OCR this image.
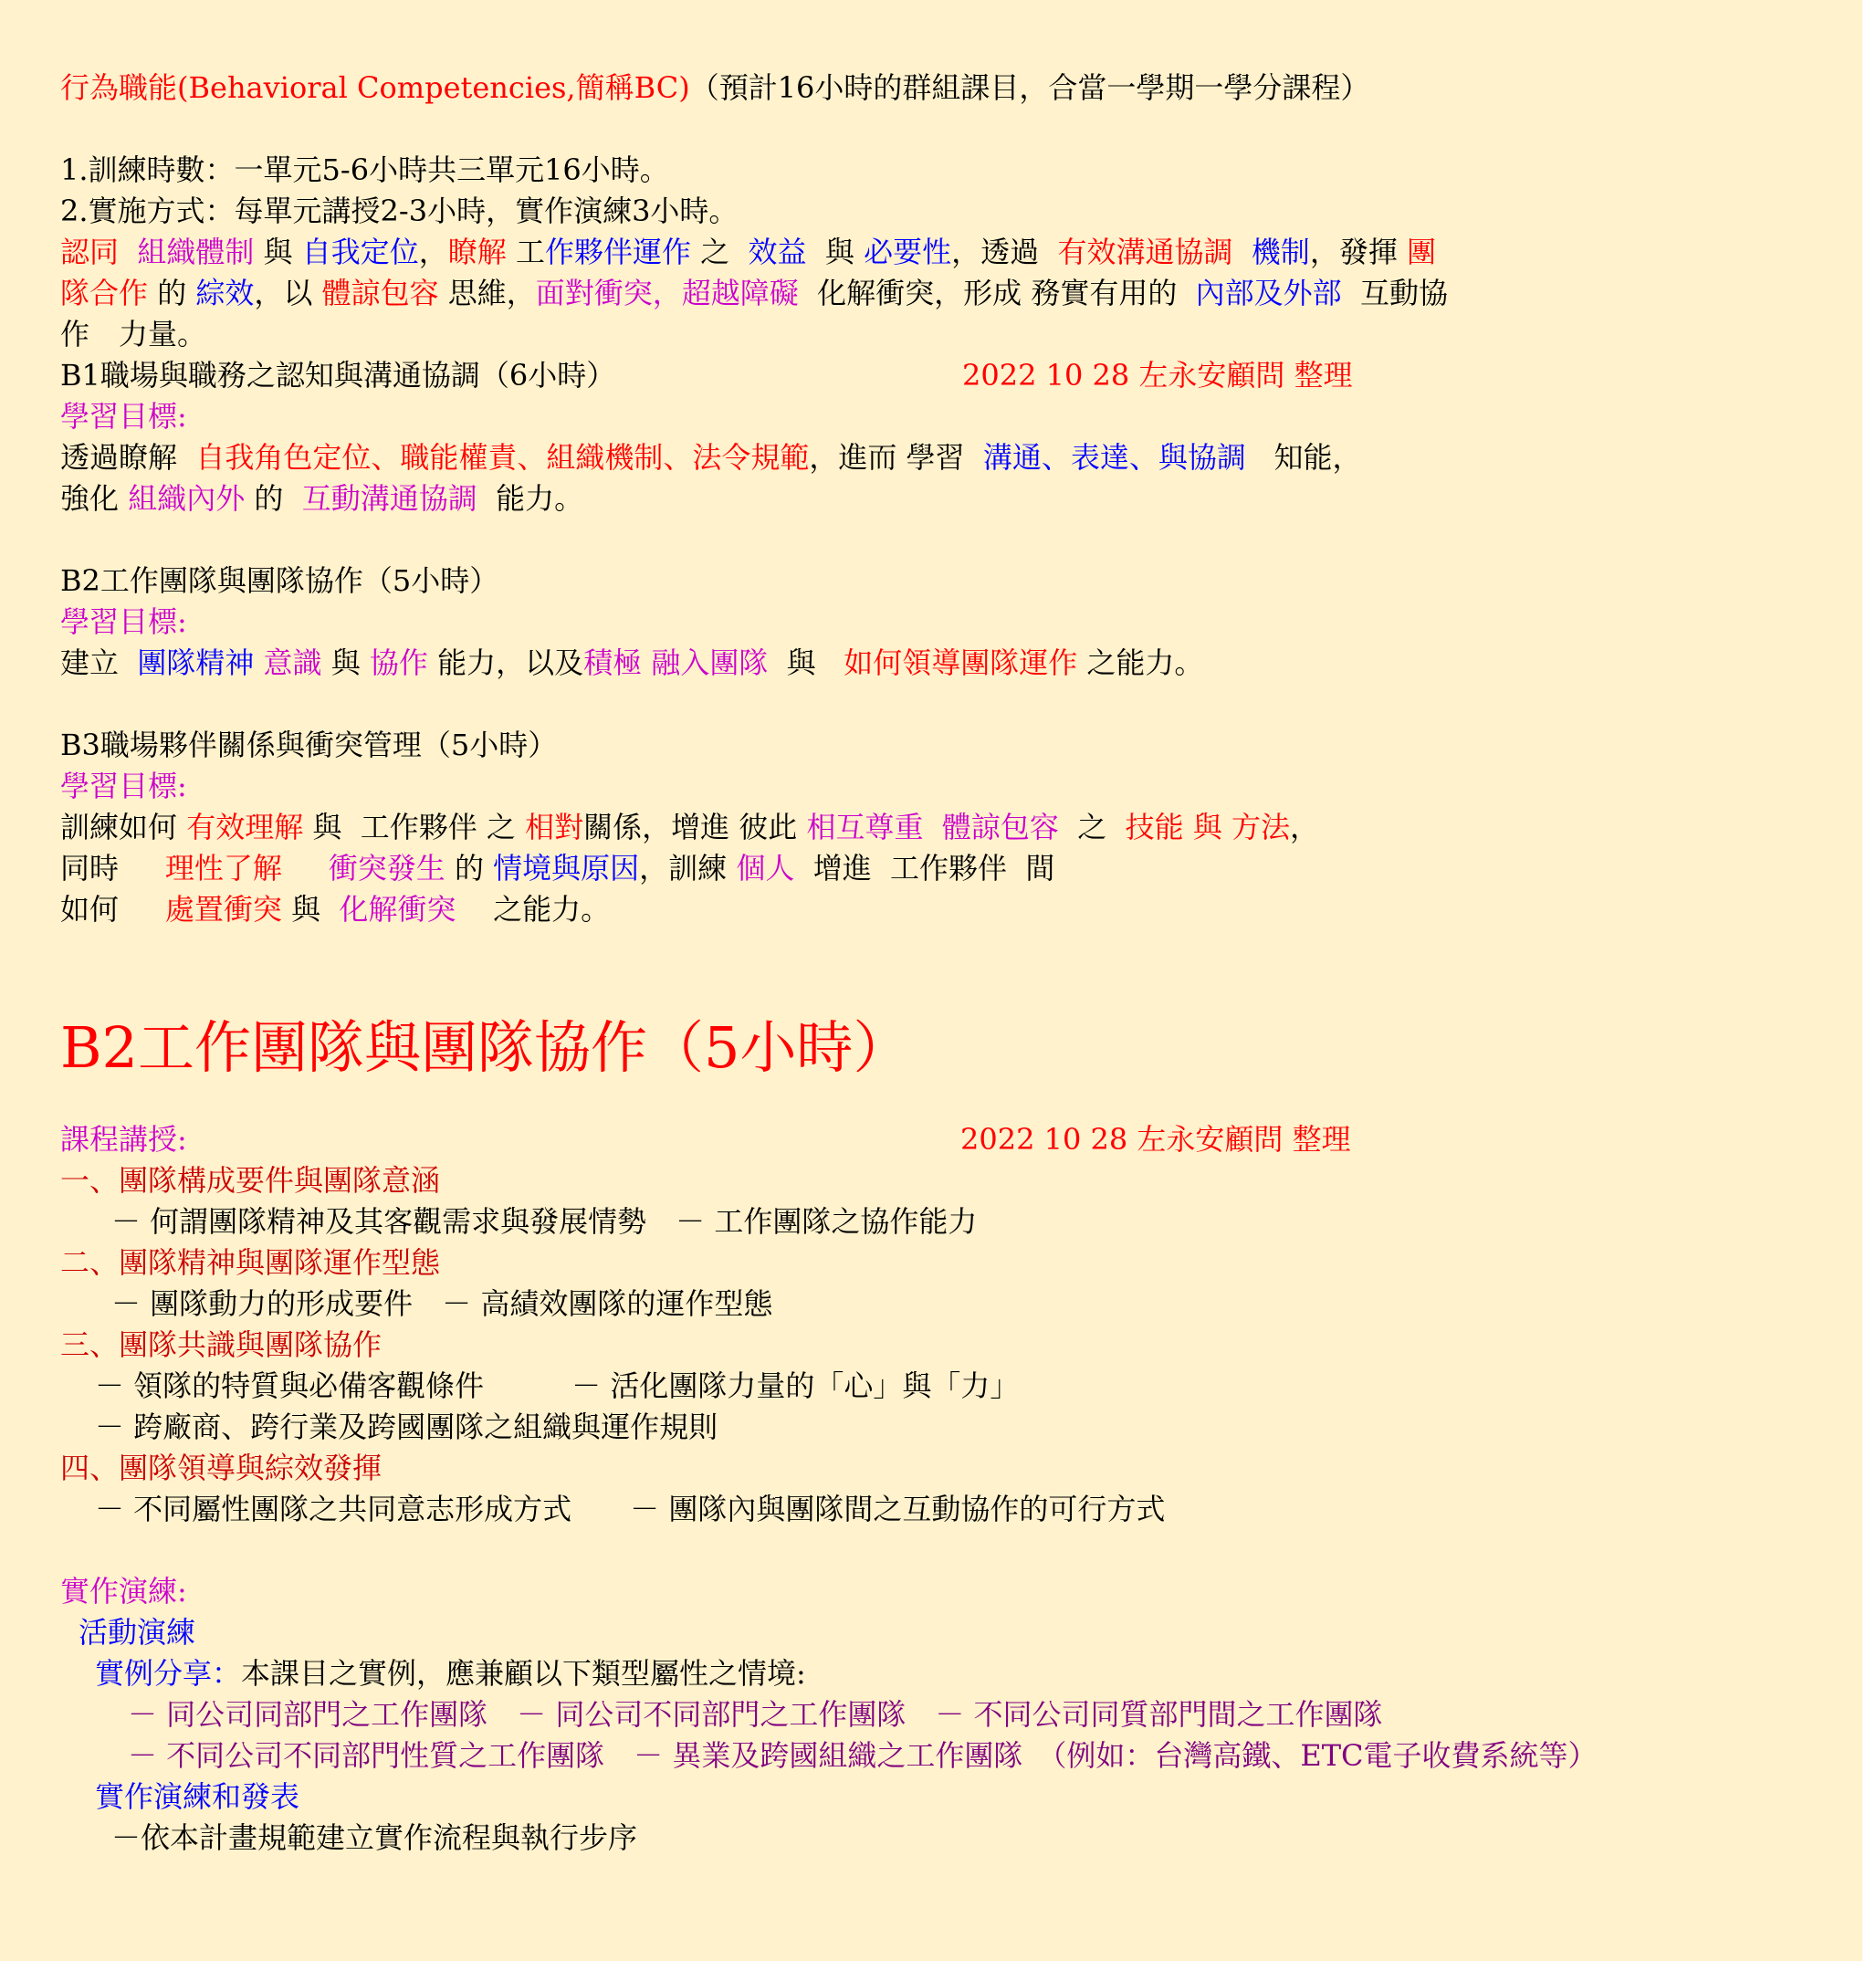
行為職能(Behavioral Competencies,簡稱BC)（預計16小時的群組課目，合當一學期一學分課程）
1.訓練時數：一單元5-6小時共三單元16小時。
2.實施方式：每單元講授2-3小時，實作演練3小時。
認同 組織體制 與 自我定位，瞭解 工作夥伴運作 之 效益 與 必要性，透過 有效溝通協調 機制，發揮 團
隊合作 的 綜效，以 體諒包容 思維，面對衝突，超越障礙 化解衝突，形成 務實有用的 內部及外部 互動協
作　力量。
B1職場與職務之認知與溝通協調（6小時）	2022 10 28 左永安顧問 整理
學習目標:
透過瞭解 自我角色定位、職能權責、組織機制、法令規範，進而 學習 溝通、表達、與協調 知能，
強化 組織內外 的 互動溝通協調 能力。
B2工作團隊與團隊協作（5小時）
學習目標:
建立 團隊精神 意識 與 協作 能力，以及積極 融入團隊 與 如何領導團隊運作 之能力。
B3職場夥伴關係與衝突管理（5小時）
學習目標:
訓練如何 有效理解 與 工作夥伴 之 相對關係，增進 彼此 相互尊重 體諒包容 之 技能 與 方法，
同時 理性了解 衝突發生 的 情境與原因，訓練 個人 增進 工作夥伴 間
如何 處置衝突 與 化解衝突 之能力。
B2工作團隊與團隊協作（5小時）
課程講授:	2022 10 28 左永安顧問 整理
一、團隊構成要件與團隊意涵
－ 何謂團隊精神及其客觀需求與發展情勢　－ 工作團隊之協作能力
二、團隊精神與團隊運作型態
－ 團隊動力的形成要件　－ 高績效團隊的運作型態
三、團隊共識與團隊協作
－ 領隊的特質與必備客觀條件　　　－ 活化團隊力量的「心」與「力」
－ 跨廠商、跨行業及跨國團隊之組織與運作規則
四、團隊領導與綜效發揮
－ 不同屬性團隊之共同意志形成方式　　－ 團隊內與團隊間之互動協作的可行方式
實作演練:
活動演練
實例分享：本課目之實例，應兼顧以下類型屬性之情境:
－ 同公司同部門之工作團隊　－ 同公司不同部門之工作團隊　－ 不同公司同質部門間之工作團隊
－ 不同公司不同部門性質之工作團隊　－ 異業及跨國組織之工作團隊　（例如：台灣高鐵、ETC電子收費系統等）
實作演練和發表
－依本計畫規範建立實作流程與執行步序
